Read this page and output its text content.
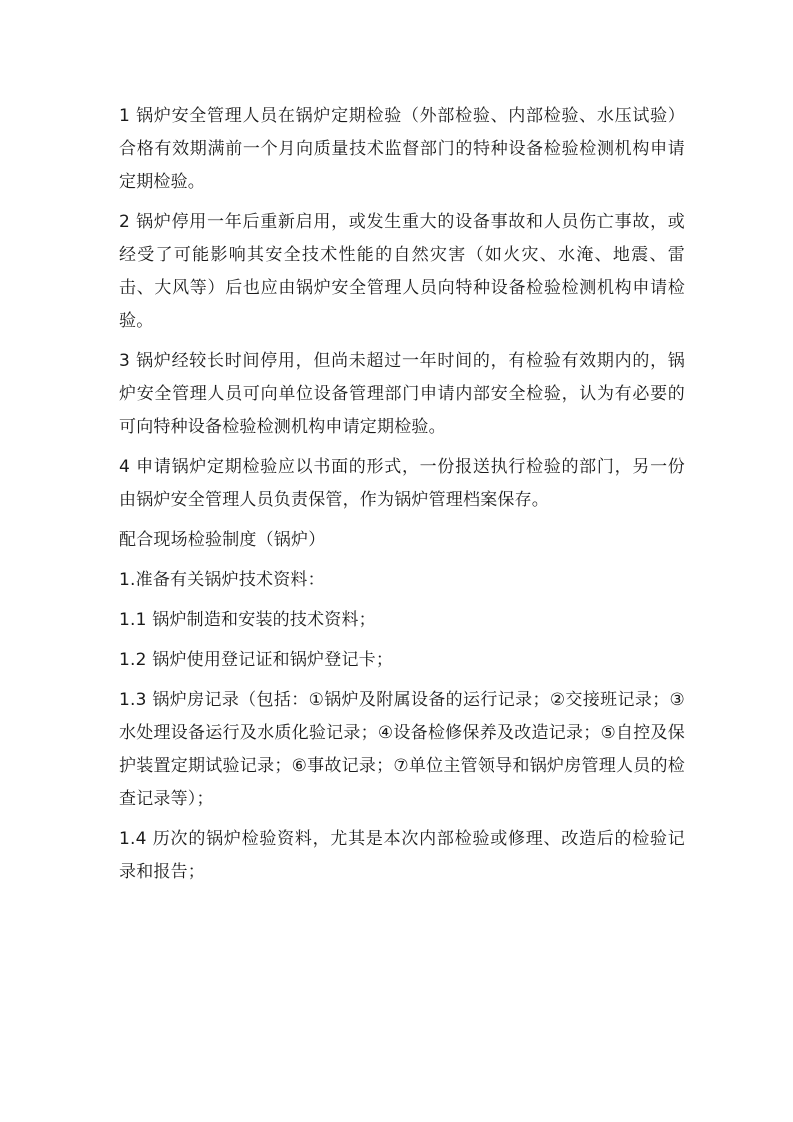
1 锅炉安全管理人员在锅炉定期检验（外部检验、内部检验、水压试验）合格有效期满前一个月向质量技术监督部门的特种设备检验检测机构申请定期检验。

2 锅炉停用一年后重新启用，或发生重大的设备事故和人员伤亡事故，或经受了可能影响其安全技术性能的自然灾害（如火灾、水淹、地震、雷击、大风等）后也应由锅炉安全管理人员向特种设备检验检测机构申请检验。

3 锅炉经较长时间停用，但尚未超过一年时间的，有检验有效期内的，锅炉安全管理人员可向单位设备管理部门申请内部安全检验，认为有必要的可向特种设备检验检测机构申请定期检验。

4 申请锅炉定期检验应以书面的形式，一份报送执行检验的部门，另一份由锅炉安全管理人员负责保管，作为锅炉管理档案保存。

配合现场检验制度（锅炉）

1.准备有关锅炉技术资料：

1.1 锅炉制造和安装的技术资料；

1.2 锅炉使用登记证和锅炉登记卡；

1.3 锅炉房记录（包括：①锅炉及附属设备的运行记录；②交接班记录；③水处理设备运行及水质化验记录；④设备检修保养及改造记录；⑤自控及保护装置定期试验记录；⑥事故记录；⑦单位主管领导和锅炉房管理人员的检查记录等）；

1.4 历次的锅炉检验资料，尤其是本次内部检验或修理、改造后的检验记录和报告；
